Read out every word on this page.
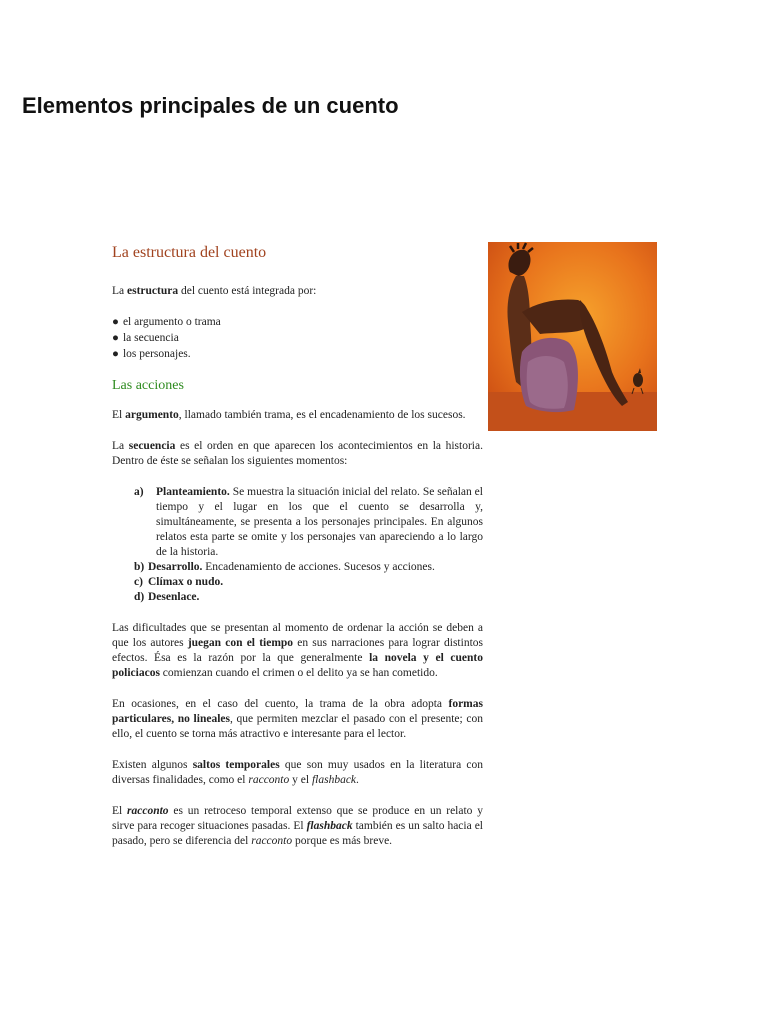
Elementos principales de un cuento
La estructura del cuento

La estructura del cuento está integrada por:

● el argumento o trama
● la secuencia
● los personajes.
Las acciones

El argumento, llamado también trama, es el encadenamiento de los sucesos.

La secuencia es el orden en que aparecen los acontecimientos en la historia. Dentro de éste se señalan los siguientes momentos:

a) Planteamiento. Se muestra la situación inicial del relato. Se señalan el tiempo y el lugar en los que el cuento se desarrolla y, simultáneamente, se presenta a los personajes principales. En algunos relatos esta parte se omite y los personajes van apareciendo a lo largo de la historia.
b) Desarrollo. Encadenamiento de acciones. Sucesos y acciones.
c) Clímax o nudo.
d) Desenlace.

Las dificultades que se presentan al momento de ordenar la acción se deben a que los autores juegan con el tiempo en sus narraciones para lograr distintos efectos. Ésa es la razón por la que generalmente la novela y el cuento policiacos comienzan cuando el crimen o el delito ya se han cometido.

En ocasiones, en el caso del cuento, la trama de la obra adopta formas particulares, no lineales, que permiten mezclar el pasado con el presente; con ello, el cuento se torna más atractivo e interesante para el lector.

Existen algunos saltos temporales que son muy usados en la literatura con diversas finalidades, como el racconto y el flashback.

El racconto es un retroceso temporal extenso que se produce en un relato y sirve para recoger situaciones pasadas. El flashback también es un salto hacia el pasado, pero se diferencia del racconto porque es más breve.
